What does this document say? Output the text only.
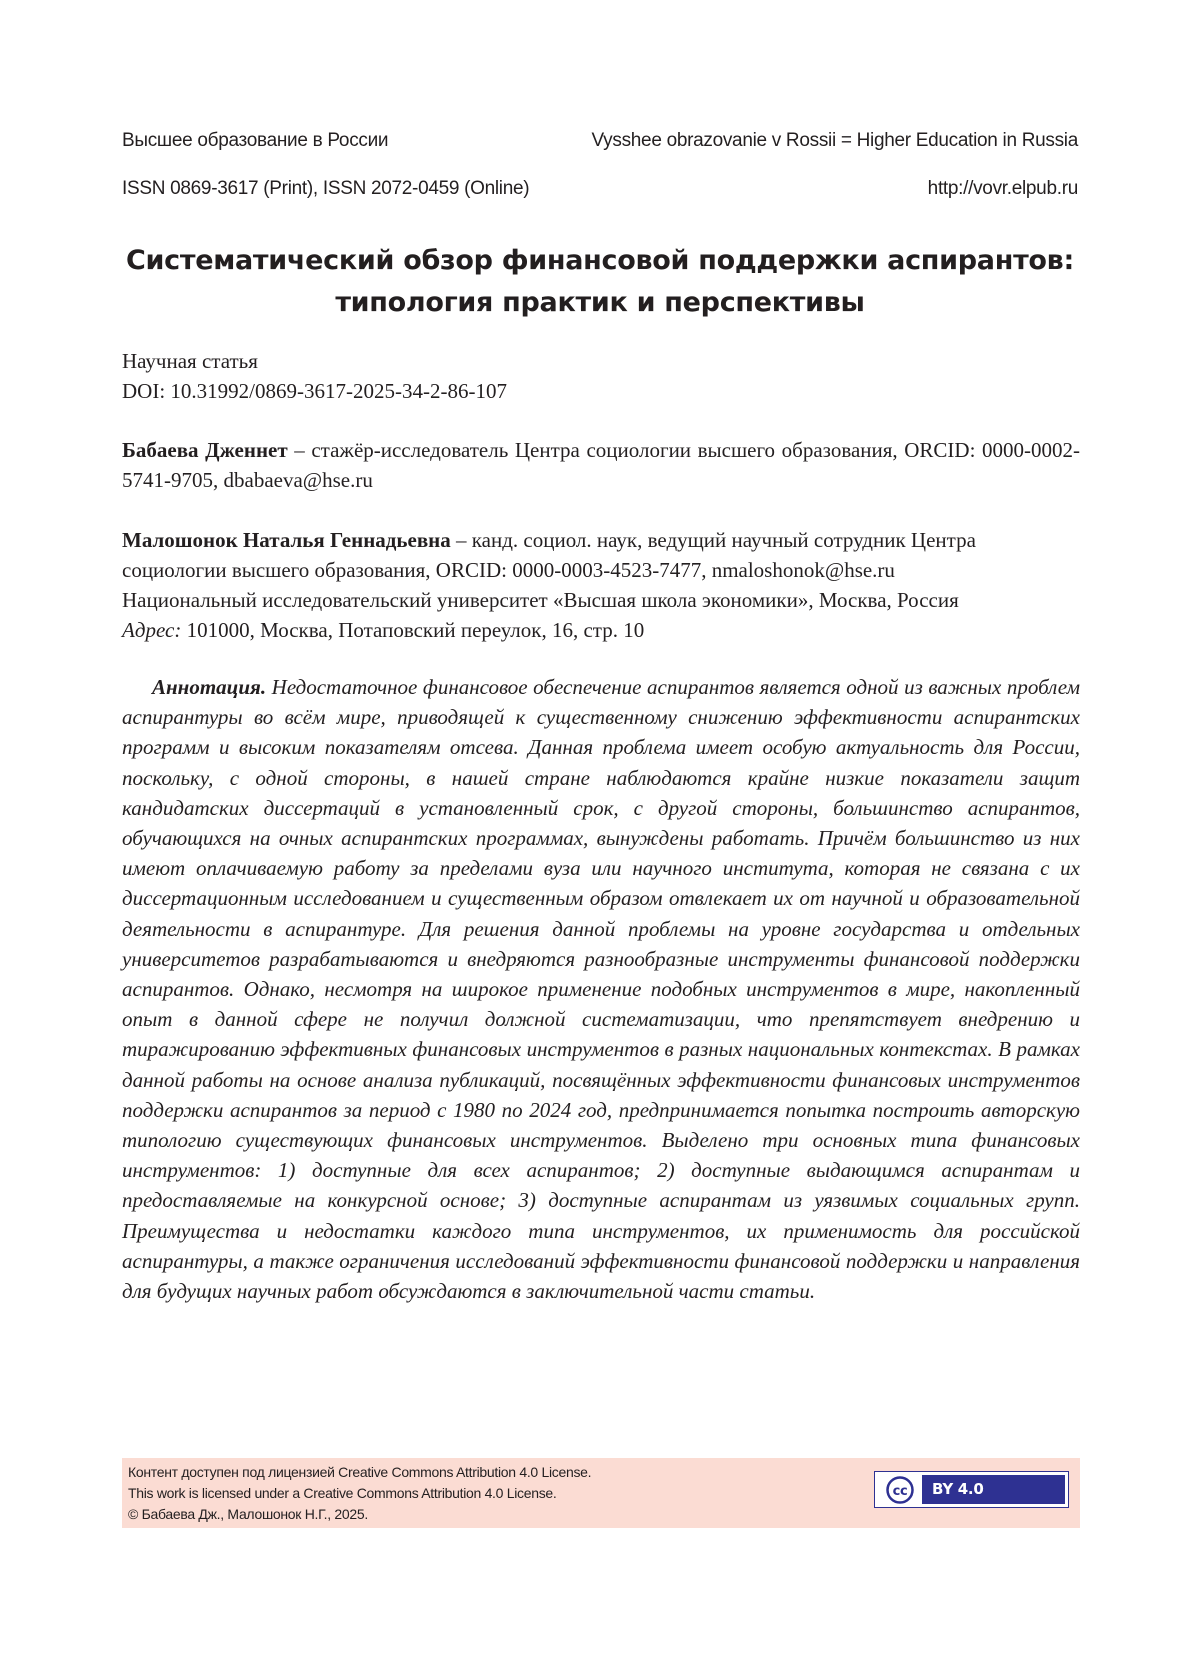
Высшее образование в России	Vysshee obrazovanie v Rossii = Higher Education in Russia
ISSN 0869-3617 (Print), ISSN 2072-0459 (Online)	http://vovr.elpub.ru
Систематический обзор финансовой поддержки аспирантов:
типология практик и перспективы
Научная статья
DOI: 10.31992/0869-3617-2025-34-2-86-107
Бабаева Дженнет – стажёр-исследователь Центра социологии высшего образования, ORCID: 0000-0002-5741-9705, dbabaeva@hse.ru
Малошонок Наталья Геннадьевна – канд. социол. наук, ведущий научный сотрудник Центра
социологии высшего образования, ORCID: 0000-0003-4523-7477, nmaloshonok@hse.ru
Национальный исследовательский университет «Высшая школа экономики», Москва, Россия
Адрес: 101000, Москва, Потаповский переулок, 16, стр. 10

Аннотация. Недостаточное финансовое обеспечение аспирантов является одной из важных проблем аспирантуры во всём мире, приводящей к существенному снижению эффективности аспирантских программ и высоким показателям отсева. Данная проблема имеет особую актуальность для России, поскольку, с одной стороны, в нашей стране наблюдаются крайне низкие показатели защит кандидатских диссертаций в установленный срок, с другой стороны, большинство аспирантов, обучающихся на очных аспирантских программах, вынуждены работать. Причём большинство из них имеют оплачиваемую работу за пределами вуза или научного института, которая не связана с их диссертационным исследованием и существенным образом отвлекает их от научной и образовательной деятельности в аспирантуре. Для решения данной проблемы на уровне государства и отдельных университетов разрабатываются и внедряются разнообразные инструменты финансовой поддержки аспирантов. Однако, несмотря на широкое применение подобных инструментов в мире, накопленный опыт в данной сфере не получил должной систематизации, что препятствует внедрению и тиражированию эффективных финансовых инструментов в разных национальных контекстах. В рамках данной работы на основе анализа публикаций, посвящённых эффективности финансовых инструментов поддержки аспирантов за период с 1980 по 2024 год, предпринимается попытка построить авторскую типологию существующих финансовых инструментов. Выделено три основных типа финансовых инструментов: 1) доступные для всех аспирантов; 2) доступные выдающимся аспирантам и предоставляемые на конкурсной основе; 3) доступные аспирантам из уязвимых социальных групп. Преимущества и недостатки каждого типа инструментов, их применимость для российской аспирантуры, а также ограничения исследований эффективности финансовой поддержки и направления для будущих научных работ обсуждаются в заключительной части статьи.

Контент доступен под лицензией Creative Commons Attribution 4.0 License.
This work is licensed under a Creative Commons Attribution 4.0 License.
© Бабаева Дж., Малошонок Н.Г., 2025.
cc	BY 4.0
